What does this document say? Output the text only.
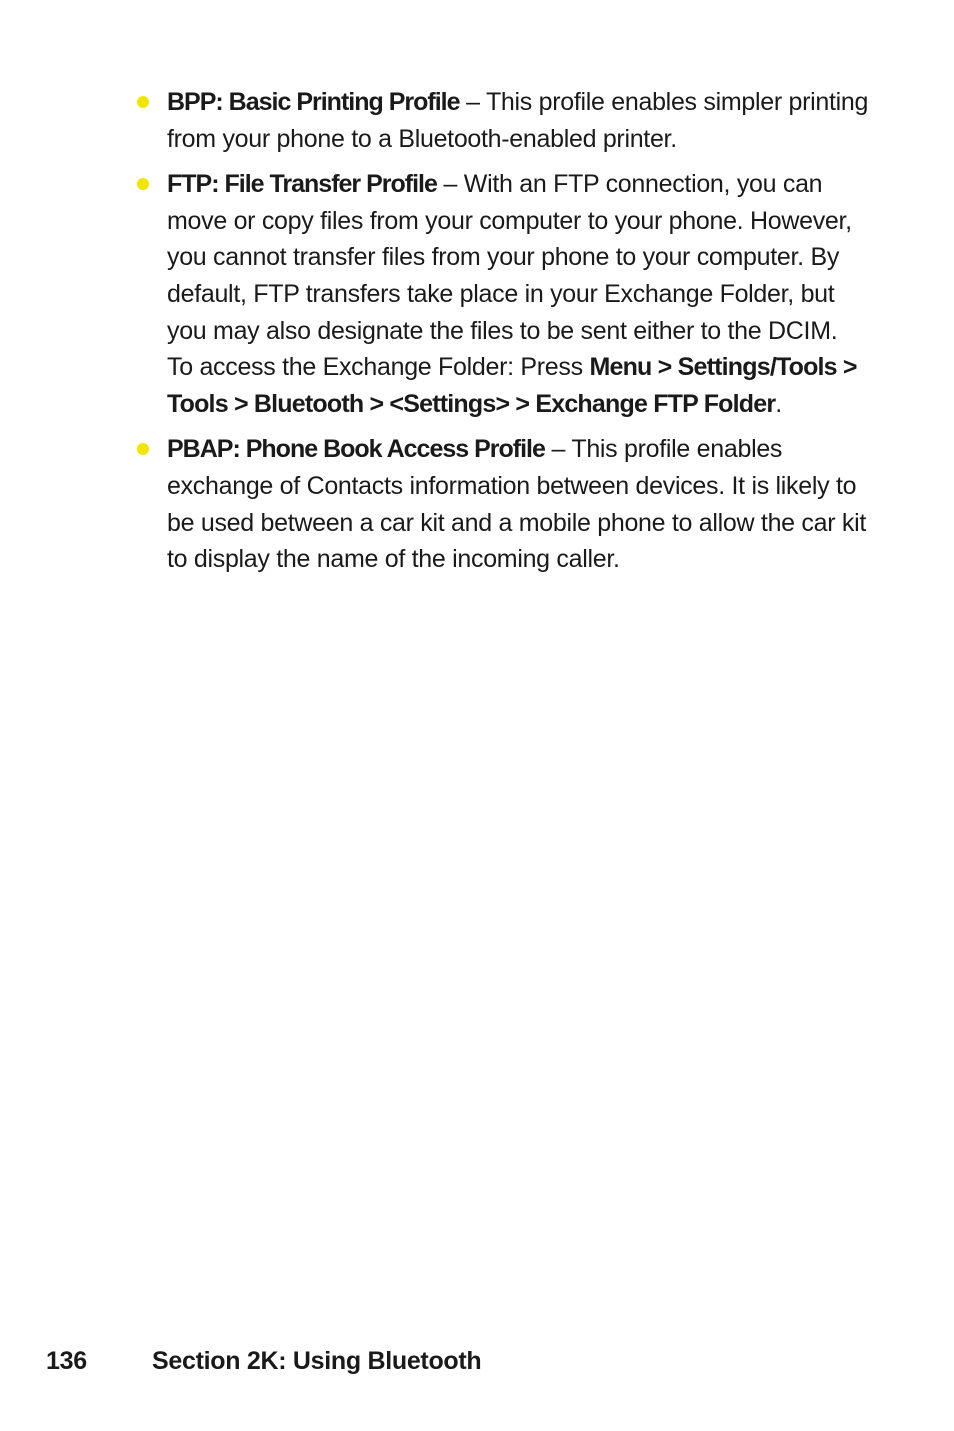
BPP: Basic Printing Profile – This profile enables simpler printing from your phone to a Bluetooth-enabled printer.
FTP: File Transfer Profile – With an FTP connection, you can move or copy files from your computer to your phone. However, you cannot transfer files from your phone to your computer. By default, FTP transfers take place in your Exchange Folder, but you may also designate the files to be sent either to the DCIM.
To access the Exchange Folder: Press Menu > Settings/Tools > Tools > Bluetooth > <Settings> > Exchange FTP Folder.
PBAP: Phone Book Access Profile – This profile enables exchange of Contacts information between devices. It is likely to be used between a car kit and a mobile phone to allow the car kit to display the name of the incoming caller.
136	Section 2K: Using Bluetooth
